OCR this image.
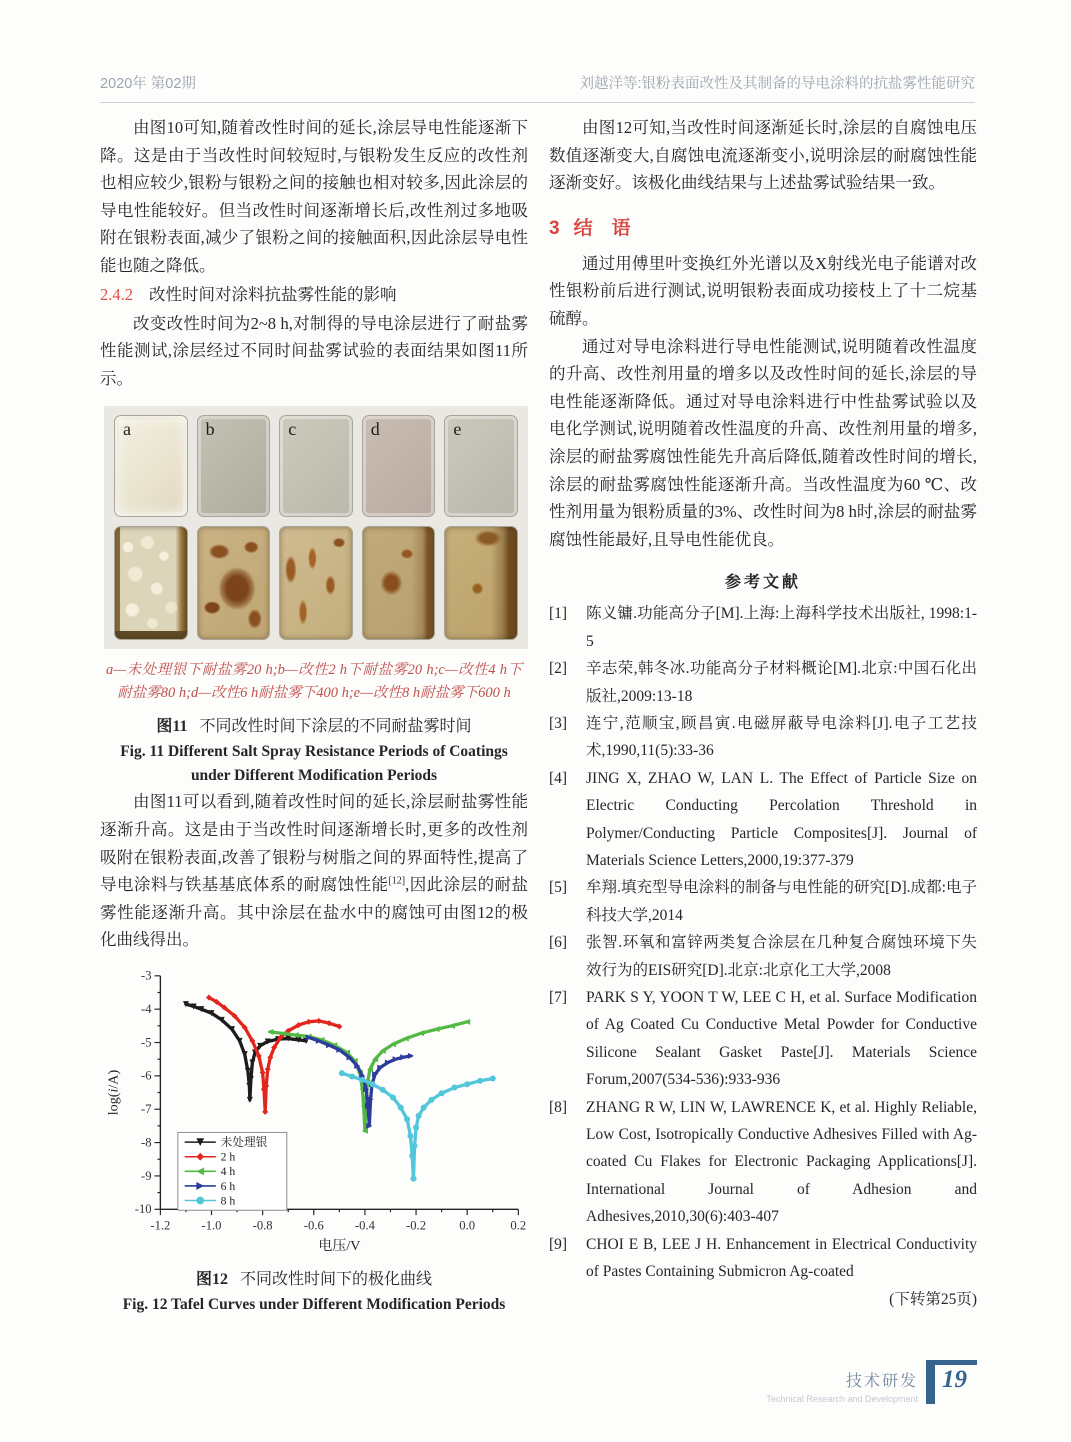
2020年 第02期	刘越洋等:银粉表面改性及其制备的导电涂料的抗盐雾性能研究

由图10可知,随着改性时间的延长,涂层导电性能逐渐下降。这是由于当改性时间较短时,与银粉发生反应的改性剂也相应较少,银粉与银粉之间的接触也相对较多,因此涂层的导电性能较好。但当改性时间逐渐增长后,改性剂过多地吸附在银粉表面,减少了银粉之间的接触面积,因此涂层导电性能也随之降低。

2.4.2 改性时间对涂料抗盐雾性能的影响

改变改性时间为2~8 h,对制得的导电涂层进行了耐盐雾性能测试,涂层经过不同时间盐雾试验的表面结果如图11所示。

a	b	c	d	e
a—未处理银下耐盐雾20 h;b—改性2 h下耐盐雾20 h;c—改性4 h下耐盐雾80 h;d—改性6 h耐盐雾下400 h;e—改性8 h耐盐雾下600 h
图11 不同改性时间下涂层的不同耐盐雾时间
Fig. 11 Different Salt Spray Resistance Periods of Coatings under Different Modification Periods

由图11可以看到,随着改性时间的延长,涂层耐盐雾性能逐渐升高。这是由于当改性时间逐渐增长时,更多的改性剂吸附在银粉表面,改善了银粉与树脂之间的界面特性,提高了导电涂料与铁基基底体系的耐腐蚀性能[12],因此涂层的耐盐雾性能逐渐升高。其中涂层在盐水中的腐蚀可由图12的极化曲线得出。

-1.2 -1.0 -0.8 -0.6 -0.4 -0.2	0.0	0.2
-10
-9
-8
-7
-6
-5
-4
-3
电压/V
log(i/A)
未处理银
2 h
4 h
6 h
8 h
图12 不同改性时间下的极化曲线
Fig. 12 Tafel Curves under Different Modification Periods

由图12可知,当改性时间逐渐延长时,涂层的自腐蚀电压数值逐渐变大,自腐蚀电流逐渐变小,说明涂层的耐腐蚀性能逐渐变好。该极化曲线结果与上述盐雾试验结果一致。

3 结　语

通过用傅里叶变换红外光谱以及X射线光电子能谱对改性银粉前后进行测试,说明银粉表面成功接枝上了十二烷基硫醇。

通过对导电涂料进行导电性能测试,说明随着改性温度的升高、改性剂用量的增多以及改性时间的延长,涂层的导电性能逐渐降低。通过对导电涂料进行中性盐雾试验以及电化学测试,说明随着改性温度的升高、改性剂用量的增多,涂层的耐盐雾腐蚀性能先升高后降低,随着改性时间的增长,涂层的耐盐雾腐蚀性能逐渐升高。当改性温度为60 ℃、改性剂用量为银粉质量的3%、改性时间为8 h时,涂层的耐盐雾腐蚀性能最好,且导电性能优良。

参考文献
[1] 陈义镛.功能高分子[M].上海:上海科学技术出版社, 1998:1-5
[2] 辛志荣,韩冬冰.功能高分子材料概论[M].北京:中国石化出版社,2009:13-18
[3] 连宁,范顺宝,顾昌寅.电磁屏蔽导电涂料[J].电子工艺技术,1990,11(5):33-36
[4] JING X, ZHAO W, LAN L. The Effect of Particle Size on Electric Conducting Percolation Threshold in Polymer/Conducting Particle Composites[J]. Journal of Materials Science Letters,2000,19:377-379
[5] 牟翔.填充型导电涂料的制备与电性能的研究[D].成都:电子科技大学,2014
[6] 张智.环氧和富锌两类复合涂层在几种复合腐蚀环境下失效行为的EIS研究[D].北京:北京化工大学,2008
[7] PARK S Y, YOON T W, LEE C H, et al. Surface Modification of Ag Coated Cu Conductive Metal Powder for Conductive Silicone Sealant Gasket Paste[J]. Materials Science Forum,2007(534-536):933-936
[8] ZHANG R W, LIN W, LAWRENCE K, et al. Highly Reliable, Low Cost, Isotropically Conductive Adhesives Filled with Ag-coated Cu Flakes for Electronic Packaging Applications[J]. International Journal of Adhesion and Adhesives,2010,30(6):403-407
[9] CHOI E B, LEE J H. Enhancement in Electrical Conductivity of Pastes Containing Submicron Ag-coated
(下转第25页)
技术研发
Technical Research and Development
19
